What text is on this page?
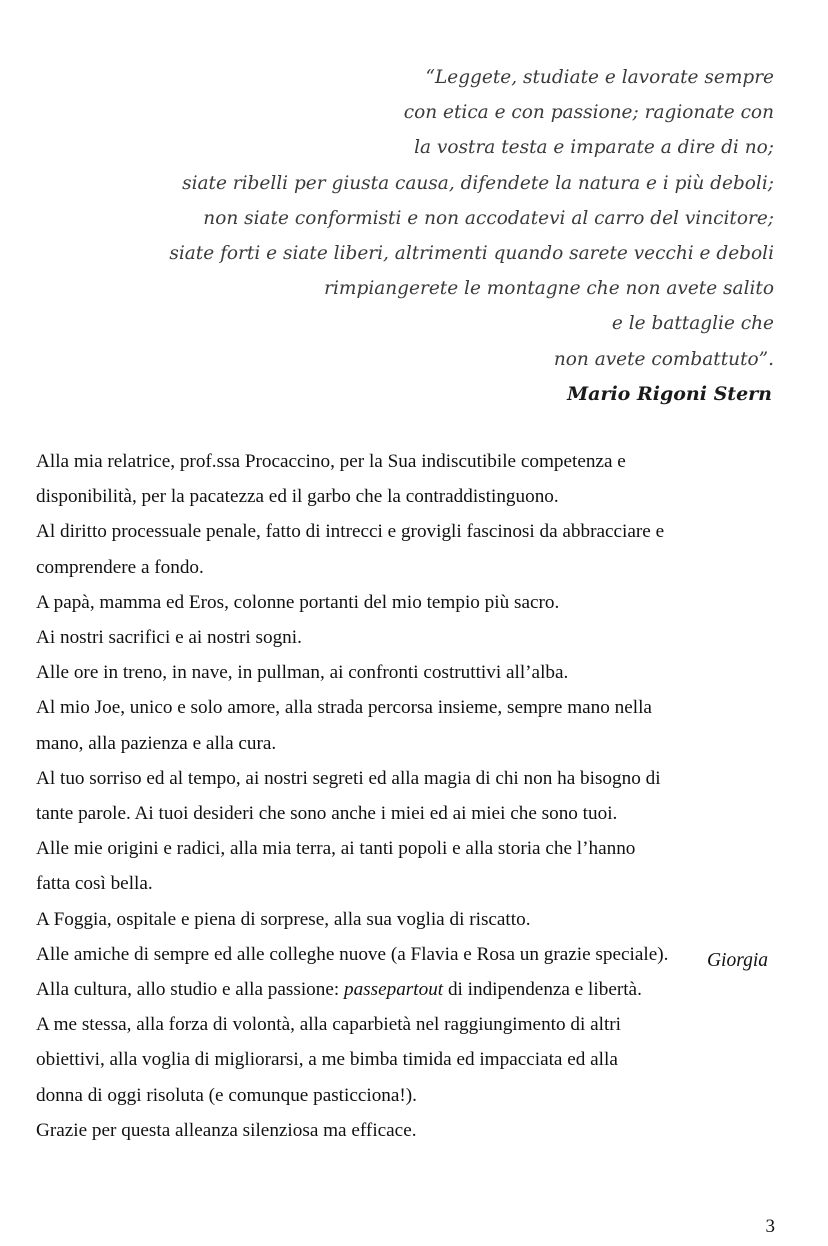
“Leggete, studiate e lavorate sempre
con etica e con passione; ragionate con
la vostra testa e imparate a dire di no;
siate ribelli per giusta causa, difendete la natura e i più deboli;
non siate conformisti e non accodatevi al carro del vincitore;
siate forti e siate liberi, altrimenti quando sarete vecchi e deboli
rimpiangerete le montagne che non avete salito
e le battaglie che
non avete combattuto”.
Mario Rigoni Stern
Alla mia relatrice, prof.ssa Procaccino, per la Sua indiscutibile competenza e
disponibilità, per la pacatezza ed il garbo che la contraddistinguono.
Al diritto processuale penale, fatto di intrecci e grovigli fascinosi da abbracciare e
comprendere a fondo.
A papà, mamma ed Eros, colonne portanti del mio tempio più sacro.
Ai nostri sacrifici e ai nostri sogni.
Alle ore in treno, in nave, in pullman, ai confronti costruttivi all’alba.
Al mio Joe, unico e solo amore, alla strada percorsa insieme, sempre mano nella
mano, alla pazienza e alla cura.
Al tuo sorriso ed al tempo, ai nostri segreti ed alla magia di chi non ha bisogno di
tante parole. Ai tuoi desideri che sono anche i miei ed ai miei che sono tuoi.
Alle mie origini e radici, alla mia terra, ai tanti popoli e alla storia che l’hanno
fatta così bella.
A Foggia, ospitale e piena di sorprese, alla sua voglia di riscatto.
Alle amiche di sempre ed alle colleghe nuove (a Flavia e Rosa un grazie speciale).
Alla cultura, allo studio e alla passione: passepartout di indipendenza e libertà.
A me stessa, alla forza di volontà, alla caparbietà nel raggiungimento di altri
obiettivi, alla voglia di migliorarsi, a me bimba timida ed impacciata ed alla
donna di oggi risoluta (e comunque pasticciona!).
Grazie per questa alleanza silenziosa ma efficace.
Giorgia
3
